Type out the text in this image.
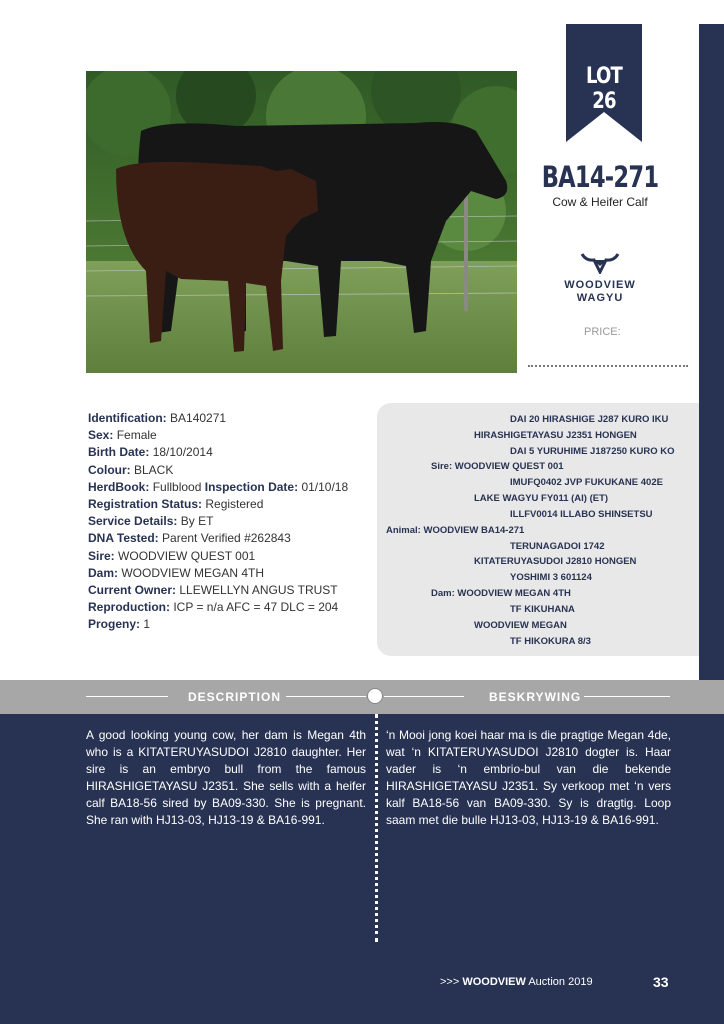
LOT 26
BA14-271
Cow & Heifer Calf
WOODVIEW
WAGYU
PRICE:
Identification: BA140271
Sex: Female
Birth Date: 18/10/2014
Colour: BLACK
HerdBook: Fullblood Inspection Date: 01/10/18
Registration Status: Registered
Service Details: By ET
DNA Tested: Parent Verified #262843
Sire: WOODVIEW QUEST 001
Dam: WOODVIEW MEGAN 4TH
Current Owner: LLEWELLYN ANGUS TRUST
Reproduction: ICP = n/a AFC = 47 DLC = 204
Progeny: 1
DAI 20 HIRASHIGE J287 KURO IKU
HIRASHIGETAYASU J2351 HONGEN
DAI 5 YURUHIME J187250 KURO KO
Sire: WOODVIEW QUEST 001
IMUFQ0402 JVP FUKUKANE 402E
LAKE WAGYU FY011 (AI) (ET)
ILLFV0014 ILLABO SHINSETSU
Animal: WOODVIEW BA14-271
TERUNAGADOI 1742
KITATERUYASUDOI J2810 HONGEN
YOSHIMI 3 601124
Dam: WOODVIEW MEGAN 4TH
TF KIKUHANA
WOODVIEW MEGAN
TF HIKOKURA 8/3
DESCRIPTION	BESKRYWING
A good looking young cow, her dam is Megan 4th who is a KITATERUYASUDOI J2810 daughter. Her sire is an embryo bull from the famous HIRASHIGETAYASU J2351. She sells with a heifer calf BA18-56 sired by BA09-330. She is pregnant. She ran with HJ13-03, HJ13-19 & BA16-991.
‘n Mooi jong koei haar ma is die pragtige Megan 4de, wat ‘n KITATERUYASUDOI J2810 dogter is. Haar vader is ‘n embrio-bul van die bekende HIRASHIGETAYASU J2351. Sy verkoop met ‘n vers kalf BA18-56 van BA09-330. Sy is dragtig. Loop saam met die bulle HJ13-03, HJ13-19 & BA16-991.
>>> WOODVIEW Auction 2019	33
